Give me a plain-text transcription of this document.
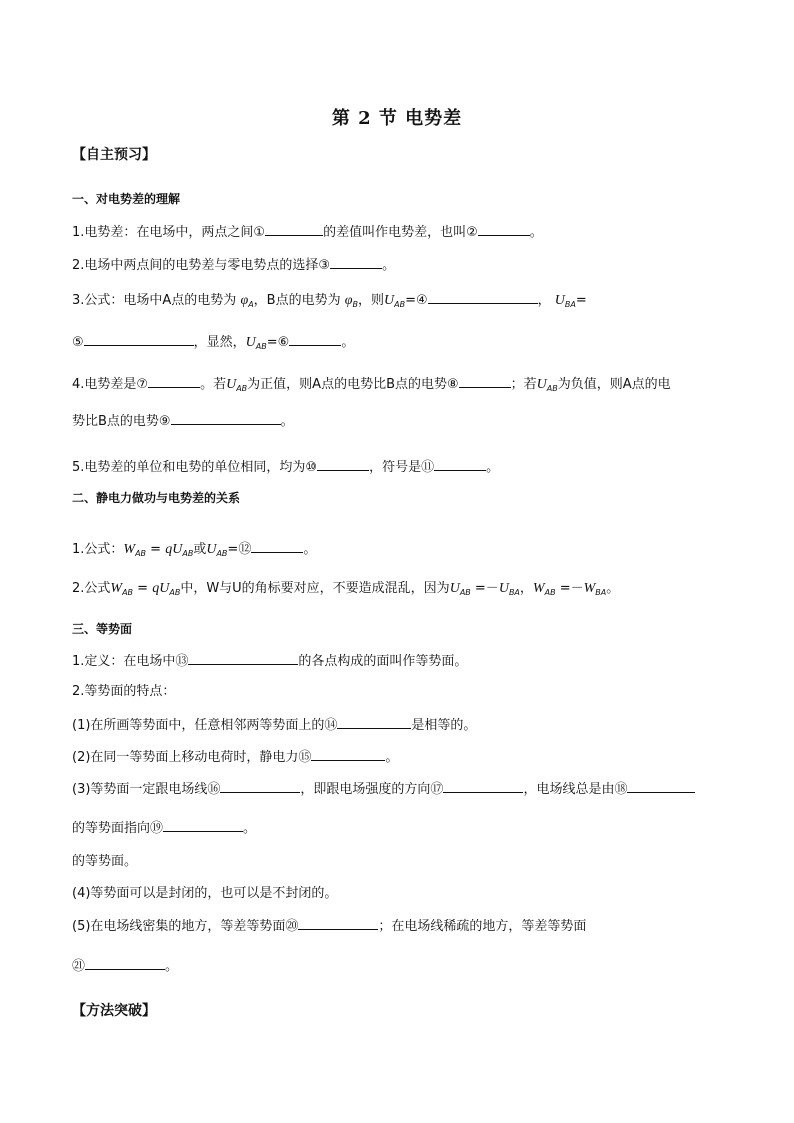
第 2 节 电势差
【自主预习】
一、对电势差的理解
1.电势差：在电场中，两点之间①	的差值叫作电势差，也叫②	。
2.电场中两点间的电势差与零电势点的选择③	。
3.公式：电场中A点的电势为 $\varphi_A$，B点的电势为 $\varphi_B$，则$U_{AB}=④$	， $U_{BA}=$
⑤	，显然，$U_{AB}=⑥$	。
4.电势差是⑦	。若$U_{AB}$为正值，则A点的电势比B点的电势⑧	；若$U_{AB}$为负值，则A点的电
势比B点的电势⑨	。
5.电势差的单位和电势的单位相同，均为⑩	，符号是⑪	。
二、静电力做功与电势差的关系
1.公式：$W_{AB} = qU_{AB}$或$U_{AB}=⑫$	。
2.公式$W_{AB} = qU_{AB}$中，W与U的角标要对应，不要造成混乱，因为$U_{AB} =-U_{BA}$，$W_{AB} =-W_{BA}$。
三、等势面
1.定义：在电场中⑬	的各点构成的面叫作等势面。
2.等势面的特点：
(1)在所画等势面中，任意相邻两等势面上的⑭	是相等的。
(2)在同一等势面上移动电荷时，静电力⑮	。
(3)等势面一定跟电场线⑯	，即跟电场强度的方向⑰	，电场线总是由⑱
的等势面指向⑲	。
的等势面。
(4)等势面可以是封闭的，也可以是不封闭的。
(5)在电场线密集的地方，等差等势面⑳	；在电场线稀疏的地方，等差等势面
㉑	。
【方法突破】
